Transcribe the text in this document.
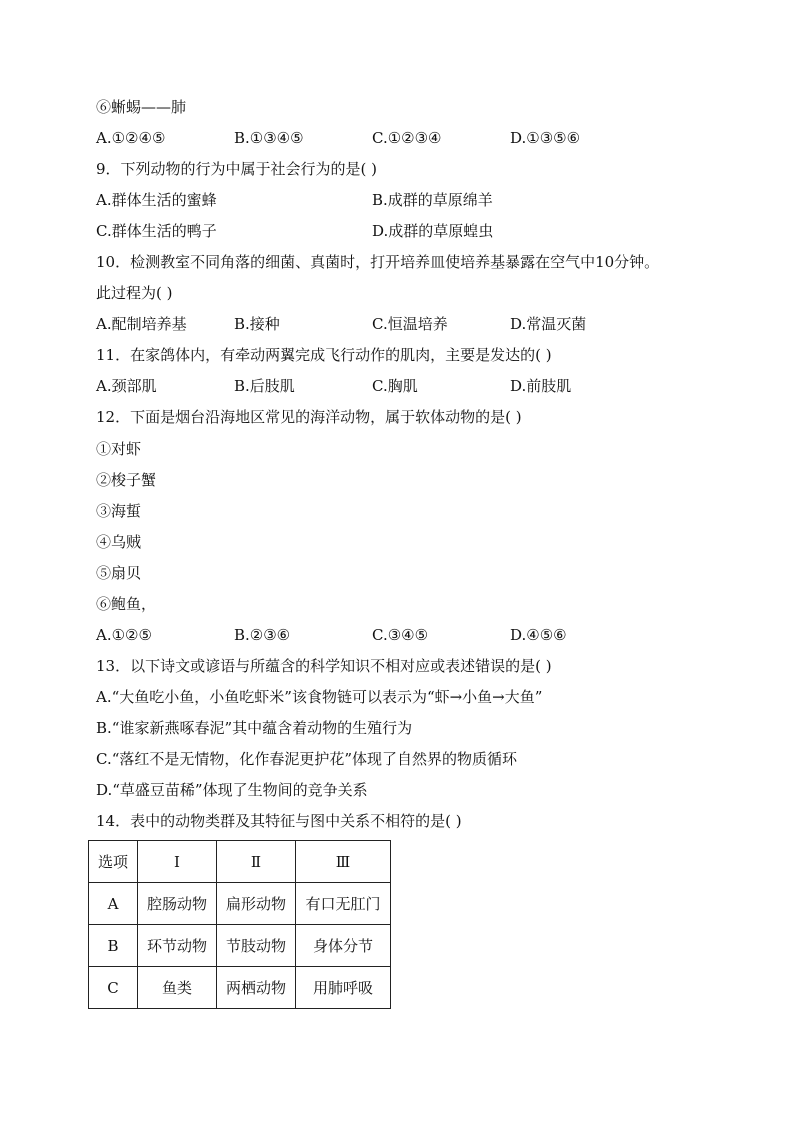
⑥蜥蜴——肺
A.①②④⑤	B.①③④⑤	C.①②③④	D.①③⑤⑥
9．下列动物的行为中属于社会行为的是( )
A.群体生活的蜜蜂	B.成群的草原绵羊
C.群体生活的鸭子	D.成群的草原蝗虫
10．检测教室不同角落的细菌、真菌时，打开培养皿使培养基暴露在空气中10分钟。
此过程为( )
A.配制培养基	B.接种	C.恒温培养	D.常温灭菌
11．在家鸽体内，有牵动两翼完成飞行动作的肌肉，主要是发达的( )
A.颈部肌	B.后肢肌	C.胸肌	D.前肢肌
12．下面是烟台沿海地区常见的海洋动物，属于软体动物的是( )
①对虾
②梭子蟹
③海蜇
④乌贼
⑤扇贝
⑥鲍鱼，
A.①②⑤	B.②③⑥	C.③④⑤	D.④⑤⑥
13．以下诗文或谚语与所蕴含的科学知识不相对应或表述错误的是( )
A.“大鱼吃小鱼，小鱼吃虾米”该食物链可以表示为“虾→小鱼→大鱼”
B.“谁家新燕啄春泥”其中蕴含着动物的生殖行为
C.“落红不是无情物，化作春泥更护花”体现了自然界的物质循环
D.“草盛豆苗稀”体现了生物间的竞争关系
14．表中的动物类群及其特征与图中关系不相符的是( )
选项	Ⅰ	Ⅱ	Ⅲ
A	腔肠动物	扁形动物	有口无肛门
B	环节动物	节肢动物	身体分节
C	鱼类	两栖动物	用肺呼吸
